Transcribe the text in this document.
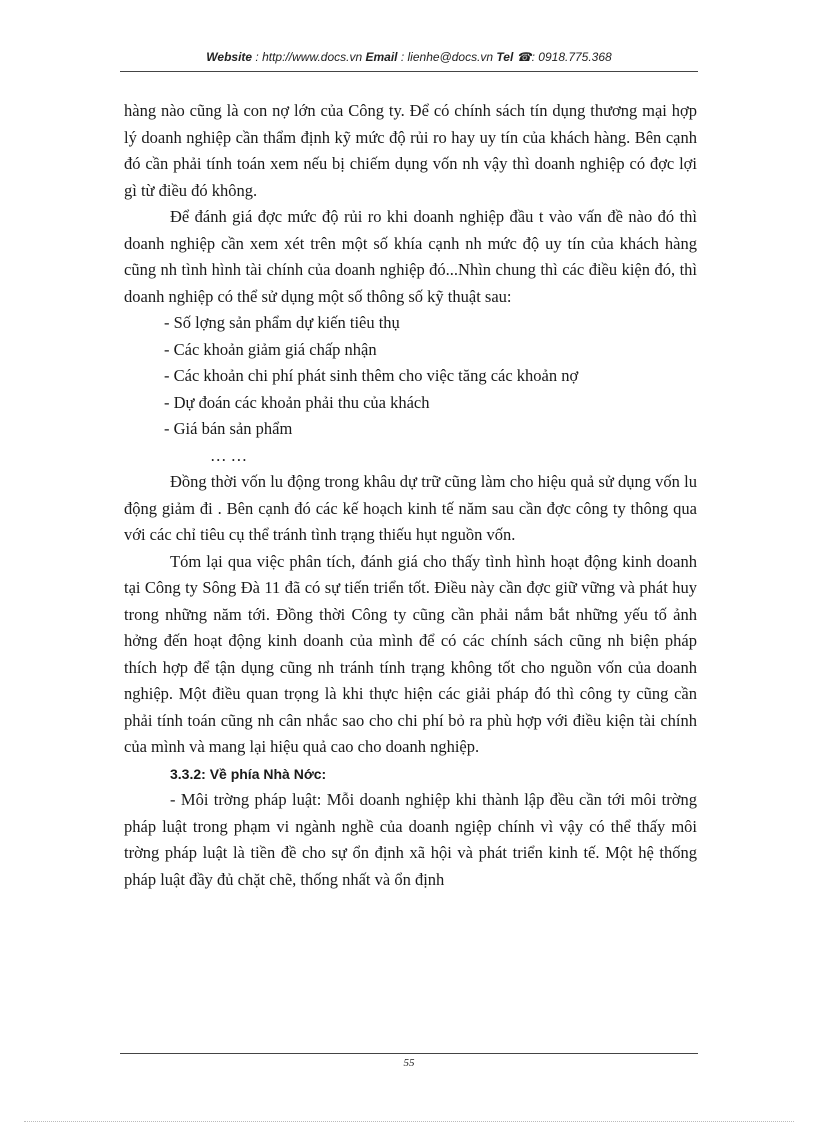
Website : http://www.docs.vn Email : lienhe@docs.vn Tel ☎: 0918.775.368

hàng nào cũng là con nợ lớn của Công ty. Để có chính sách tín dụng thương mại hợp lý doanh nghiệp cần thẩm định kỹ mức độ rủi ro hay uy tín của khách hàng. Bên cạnh đó cần phải tính toán xem nếu bị chiếm dụng vốn nh vậy thì doanh nghiệp có đợc lợi gì từ điều đó không.

Để đánh giá đợc mức độ rủi ro khi doanh nghiệp đầu t vào vấn đề nào đó thì doanh nghiệp cần xem xét trên một số khía cạnh nh mức độ uy tín của khách hàng cũng nh tình hình tài chính của doanh nghiệp đó...Nhìn chung thì các điều kiện đó, thì doanh nghiệp có thể sử dụng một số thông số kỹ thuật sau:

- Số lợng sản phẩm dự kiến tiêu thụ

- Các khoản giảm giá chấp nhận

- Các khoản chi phí phát sinh thêm cho việc tăng các khoản nợ

- Dự đoán các khoản phải thu của khách

- Giá bán sản phẩm

… …

Đồng thời vốn lu động trong khâu dự trữ cũng làm cho hiệu quả sử dụng vốn lu động giảm đi . Bên cạnh đó các kế hoạch kinh tế năm sau cần đợc công ty thông qua với các chỉ tiêu cụ thể tránh tình trạng thiếu hụt nguồn vốn.

Tóm lại qua việc phân tích, đánh giá cho thấy tình hình hoạt động kinh doanh tại Công ty Sông Đà 11 đã có sự tiến triển tốt. Điều này cần đợc giữ vững và phát huy trong những năm tới. Đồng thời Công ty cũng cần phải nắm bắt những yếu tố ảnh hởng đến hoạt động kinh doanh của mình để có các chính sách cũng nh biện pháp thích hợp để tận dụng cũng nh tránh tính trạng không tốt cho nguồn vốn của doanh nghiệp. Một điều quan trọng là khi thực hiện các giải pháp đó thì công ty cũng cần phải tính toán cũng nh cân nhắc sao cho chi phí bỏ ra phù hợp với điều kiện tài chính của mình và mang lại hiệu quả cao cho doanh nghiệp.

3.3.2: Về phía Nhà Nớc:

- Môi trờng pháp luật: Mỗi doanh nghiệp khi thành lập đều cần tới môi trờng pháp luật trong phạm vi ngành nghề của doanh ngiệp chính vì vậy có thể thấy môi trờng pháp luật là tiền đề cho sự ổn định xã hội và phát triển kinh tế. Một hệ thống pháp luật đầy đủ chặt chẽ, thống nhất và ổn định

55
